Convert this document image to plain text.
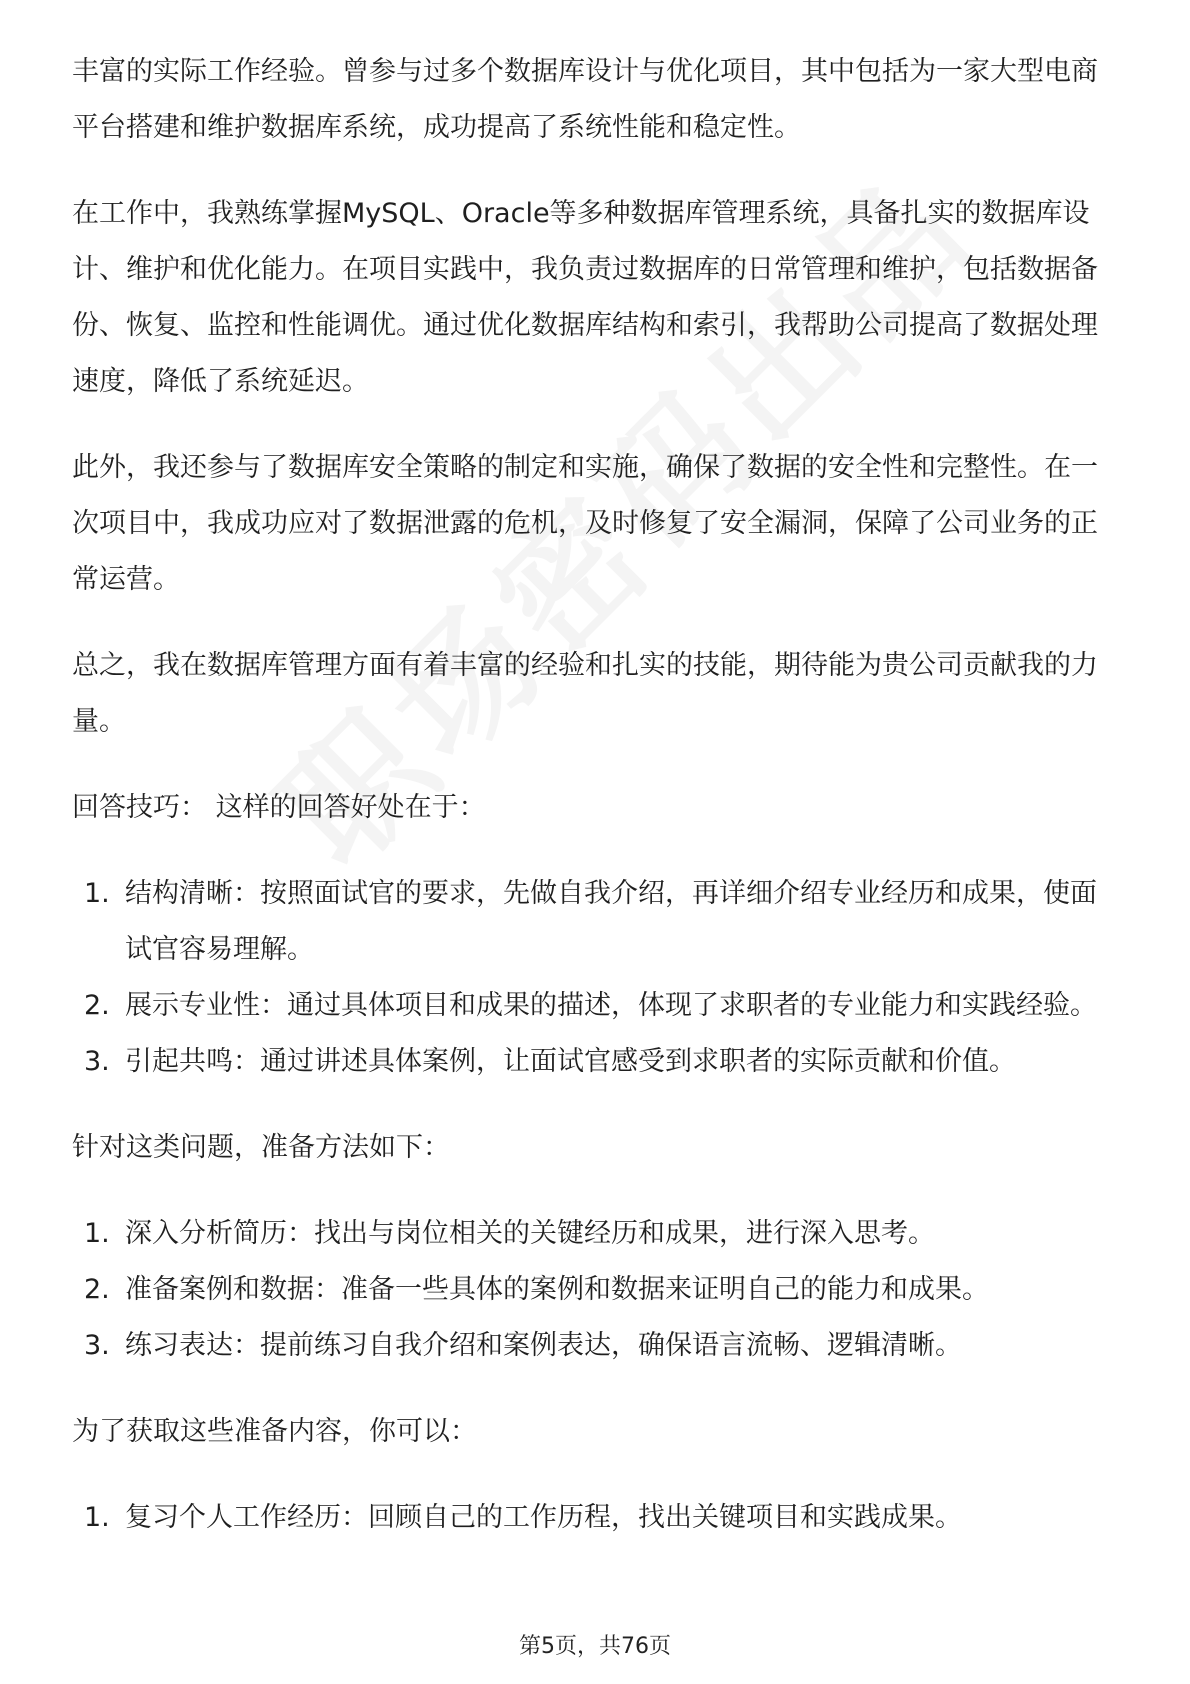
丰富的实际工作经验。曾参与过多个数据库设计与优化项目，其中包括为一家大型电商平台搭建和维护数据库系统，成功提高了系统性能和稳定性。

在工作中，我熟练掌握MySQL、Oracle等多种数据库管理系统，具备扎实的数据库设计、维护和优化能力。在项目实践中，我负责过数据库的日常管理和维护，包括数据备份、恢复、监控和性能调优。通过优化数据库结构和索引，我帮助公司提高了数据处理速度，降低了系统延迟。

此外，我还参与了数据库安全策略的制定和实施，确保了数据的安全性和完整性。在一次项目中，我成功应对了数据泄露的危机，及时修复了安全漏洞，保障了公司业务的正常运营。

总之，我在数据库管理方面有着丰富的经验和扎实的技能，期待能为贵公司贡献我的力量。

回答技巧： 这样的回答好处在于：

1. 结构清晰：按照面试官的要求，先做自我介绍，再详细介绍专业经历和成果，使面试官容易理解。
2. 展示专业性：通过具体项目和成果的描述，体现了求职者的专业能力和实践经验。
3. 引起共鸣：通过讲述具体案例，让面试官感受到求职者的实际贡献和价值。

针对这类问题，准备方法如下：

1. 深入分析简历：找出与岗位相关的关键经历和成果，进行深入思考。
2. 准备案例和数据：准备一些具体的案例和数据来证明自己的能力和成果。
3. 练习表达：提前练习自我介绍和案例表达，确保语言流畅、逻辑清晰。

为了获取这些准备内容，你可以：

1. 复习个人工作经历：回顾自己的工作历程，找出关键项目和实践成果。
第5页，共76页
